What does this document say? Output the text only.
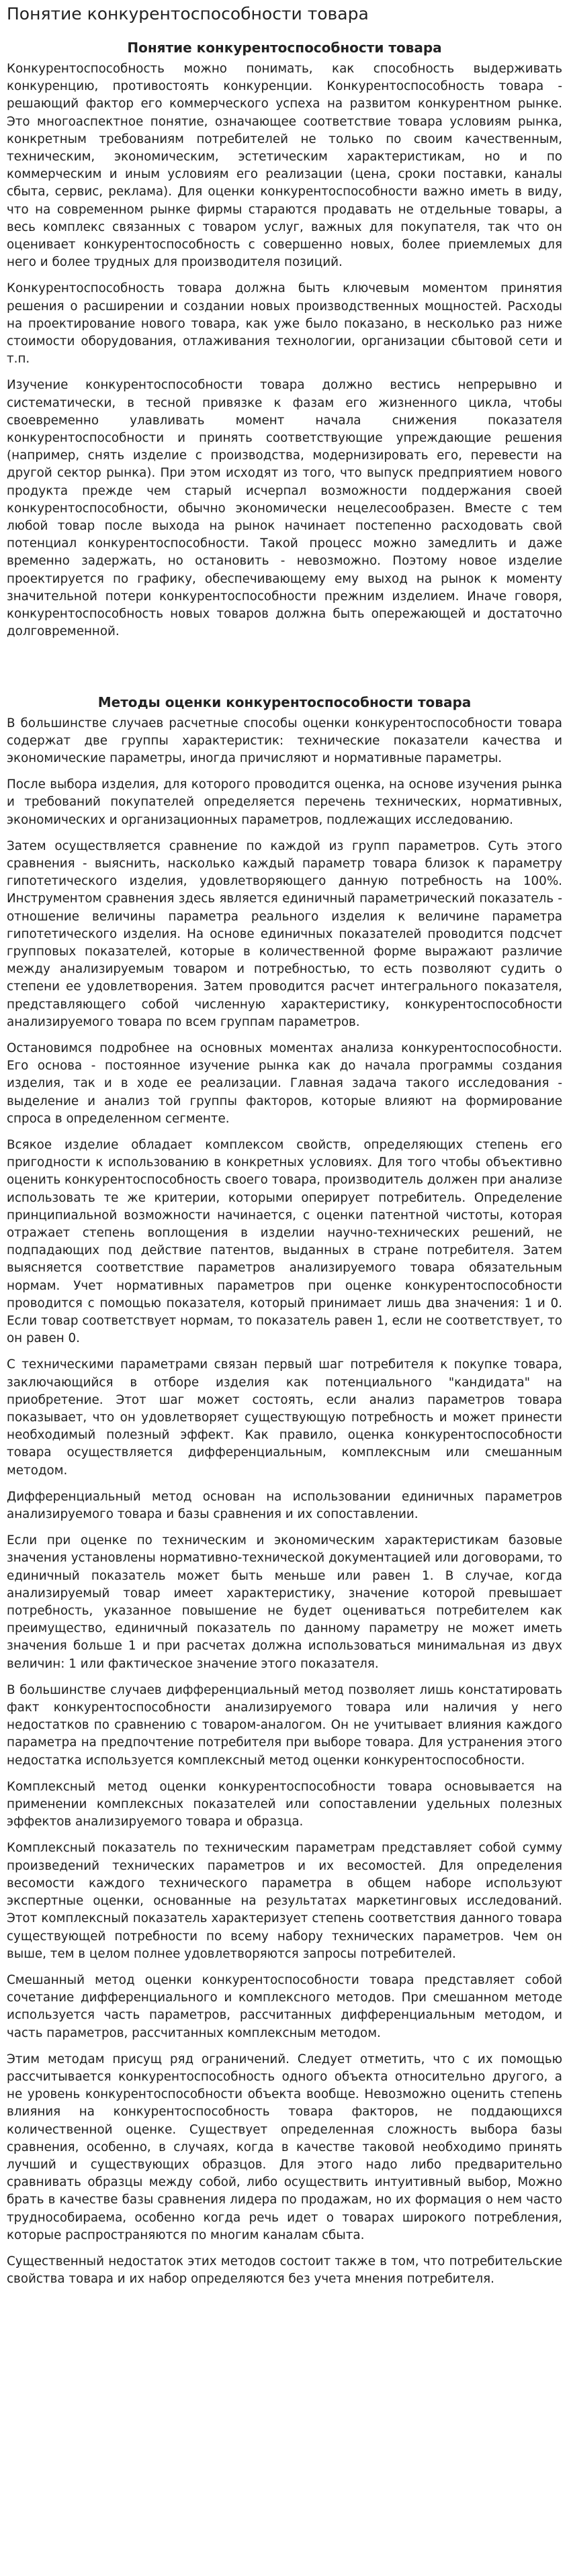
Понятие конкурентоспособности товара
Понятие конкурентоспособности товара

Конкурентоспособность можно понимать, как способность выдерживать конкуренцию, противостоять конкуренции. Конкурентоспособность товара - решающий фактор его коммерческого успеха на развитом конкурентном рынке. Это многоаспектное понятие, означающее соответствие товара условиям рынка, конкретным требованиям потребителей не только по своим качественным, техническим, экономическим, эстетическим характеристикам, но и по коммерческим и иным условиям его реализации (цена, сроки поставки, каналы сбыта, сервис, реклама). Для оценки конкурентоспособности важно иметь в виду, что на современном рынке фирмы стараются продавать не отдельные товары, а весь комплекс связанных с товаром услуг, важных для покупателя, так что он оценивает конкурентоспособность с совершенно новых, более приемлемых для него и более трудных для производителя позиций.

Конкурентоспособность товара должна быть ключевым моментом принятия решения о расширении и создании новых производственных мощностей. Расходы на проектирование нового товара, как уже было показано, в несколько раз ниже стоимости оборудования, отлаживания технологии, организации сбытовой сети и т.п.

Изучение конкурентоспособности товара должно вестись непрерывно и систематически, в тесной привязке к фазам его жизненного цикла, чтобы своевременно улавливать момент начала снижения показателя конкурентоспособности и принять соответствующие упреждающие решения (например, снять изделие с производства, модернизировать его, перевести на другой сектор рынка). При этом исходят из того, что выпуск предприятием нового продукта прежде чем старый исчерпал возможности поддержания своей конкурентоспособности, обычно экономически нецелесообразен. Вместе с тем любой товар после выхода на рынок начинает постепенно расходовать свой потенциал конкурентоспособности. Такой процесс можно замедлить и даже временно задержать, но остановить - невозможно. Поэтому новое изделие проектируется по графику, обеспечивающему ему выход на рынок к моменту значительной потери конкурентоспособности прежним изделием. Иначе говоря, конкурентоспособность новых товаров должна быть опережающей и достаточно долговременной.

Методы оценки конкурентоспособности товара

В большинстве случаев расчетные способы оценки конкурентоспособности товара содержат две группы характеристик: технические показатели качества и экономические параметры, иногда причисляют и нормативные параметры.

После выбора изделия, для которого проводится оценка, на основе изучения рынка и требований покупателей определяется перечень технических, нормативных, экономических и организационных параметров, подлежащих исследованию.

Затем осуществляется сравнение по каждой из групп параметров. Суть этого сравнения - выяснить, насколько каждый параметр товара близок к параметру гипотетического изделия, удовлетворяющего данную потребность на 100%. Инструментом сравнения здесь является единичный параметрический показатель - отношение величины параметра реального изделия к величине параметра гипотетического изделия. На основе единичных показателей проводится подсчет групповых показателей, которые в количественной форме выражают различие между анализируемым товаром и потребностью, то есть позволяют судить о степени ее удовлетворения. Затем проводится расчет интегрального показателя, представляющего собой численную характеристику, конкурентоспособности анализируемого товара по всем группам параметров.

Остановимся подробнее на основных моментах анализа конкурентоспособности. Его основа - постоянное изучение рынка как до начала программы создания изделия, так и в ходе ее реализации. Главная задача такого исследования - выделение и анализ той группы факторов, которые влияют на формирование спроса в определенном сегменте.

Всякое изделие обладает комплексом свойств, определяющих степень его пригодности к использованию в конкретных условиях. Для того чтобы объективно оценить конкурентоспособность своего товара, производитель должен при анализе использовать те же критерии, которыми оперирует потребитель. Определение принципиальной возможности начинается, с оценки патентной чистоты, которая отражает степень воплощения в изделии научно-технических решений, не подпадающих под действие патентов, выданных в стране потребителя. Затем выясняется соответствие параметров анализируемого товара обязательным нормам. Учет нормативных параметров при оценке конкурентоспособности проводится с помощью показателя, который принимает лишь два значения: 1 и 0. Если товар соответствует нормам, то показатель равен 1, если не соответствует, то он равен 0.

С техническими параметрами связан первый шаг потребителя к покупке товара, заключающийся в отборе изделия как потенциального "кандидата" на приобретение. Этот шаг может состоять, если анализ параметров товара показывает, что он удовлетворяет существующую потребность и может принести необходимый полезный эффект. Как правило, оценка конкурентоспособности товара осуществляется дифференциальным, комплексным или смешанным методом.

Дифференциальный метод основан на использовании единичных параметров анализируемого товара и базы сравнения и их сопоставлении.

Если при оценке по техническим и экономическим характеристикам базовые значения установлены нормативно-технической документацией или договорами, то единичный показатель может быть меньше или равен 1. В случае, когда анализируемый товар имеет характеристику, значение которой превышает потребность, указанное повышение не будет оцениваться потребителем как преимущество, единичный показатель по данному параметру не может иметь значения больше 1 и при расчетах должна использоваться минимальная из двух величин: 1 или фактическое значение этого показателя.

В большинстве случаев дифференциальный метод позволяет лишь констатировать факт конкурентоспособности анализируемого товара или наличия у него недостатков по сравнению с товаром-аналогом. Он не учитывает влияния каждого параметра на предпочтение потребителя при выборе товара. Для устранения этого недостатка используется комплексный метод оценки конкурентоспособности.

Комплексный метод оценки конкурентоспособности товара основывается на применении комплексных показателей или сопоставлении удельных полезных эффектов анализируемого товара и образца.

Комплексный показатель по техническим параметрам представляет собой сумму произведений технических параметров и их весомостей. Для определения весомости каждого технического параметра в общем наборе используют экспертные оценки, основанные на результатах маркетинговых исследований. Этот комплексный показатель характеризует степень соответствия данного товара существующей потребности по всему набору технических параметров. Чем он выше, тем в целом полнее удовлетворяются запросы потребителей.

Смешанный метод оценки конкурентоспособности товара представляет собой сочетание дифференциального и комплексного методов. При смешанном методе используется часть параметров, рассчитанных дифференциальным методом, и часть параметров, рассчитанных комплексным методом.

Этим методам присущ ряд ограничений. Следует отметить, что с их помощью рассчитывается конкурентоспособность одного объекта относительно другого, а не уровень конкурентоспособности объекта вообще. Невозможно оценить степень влияния на конкурентоспособность товара факторов, не поддающихся количественной оценке. Существует определенная сложность выбора базы сравнения, особенно, в случаях, когда в качестве таковой необходимо принять лучший и существующих образцов. Для этого надо либо предварительно сравнивать образцы между собой, либо осуществить интуитивный выбор, Можно брать в качестве базы сравнения лидера по продажам, но их формация о нем часто труднособираема, особенно когда речь идет о товарах широкого потребления, которые распространяются по многим каналам сбыта.

Существенный недостаток этих методов состоит также в том, что потребительские свойства товара и их набор определяются без учета мнения потребителя.
